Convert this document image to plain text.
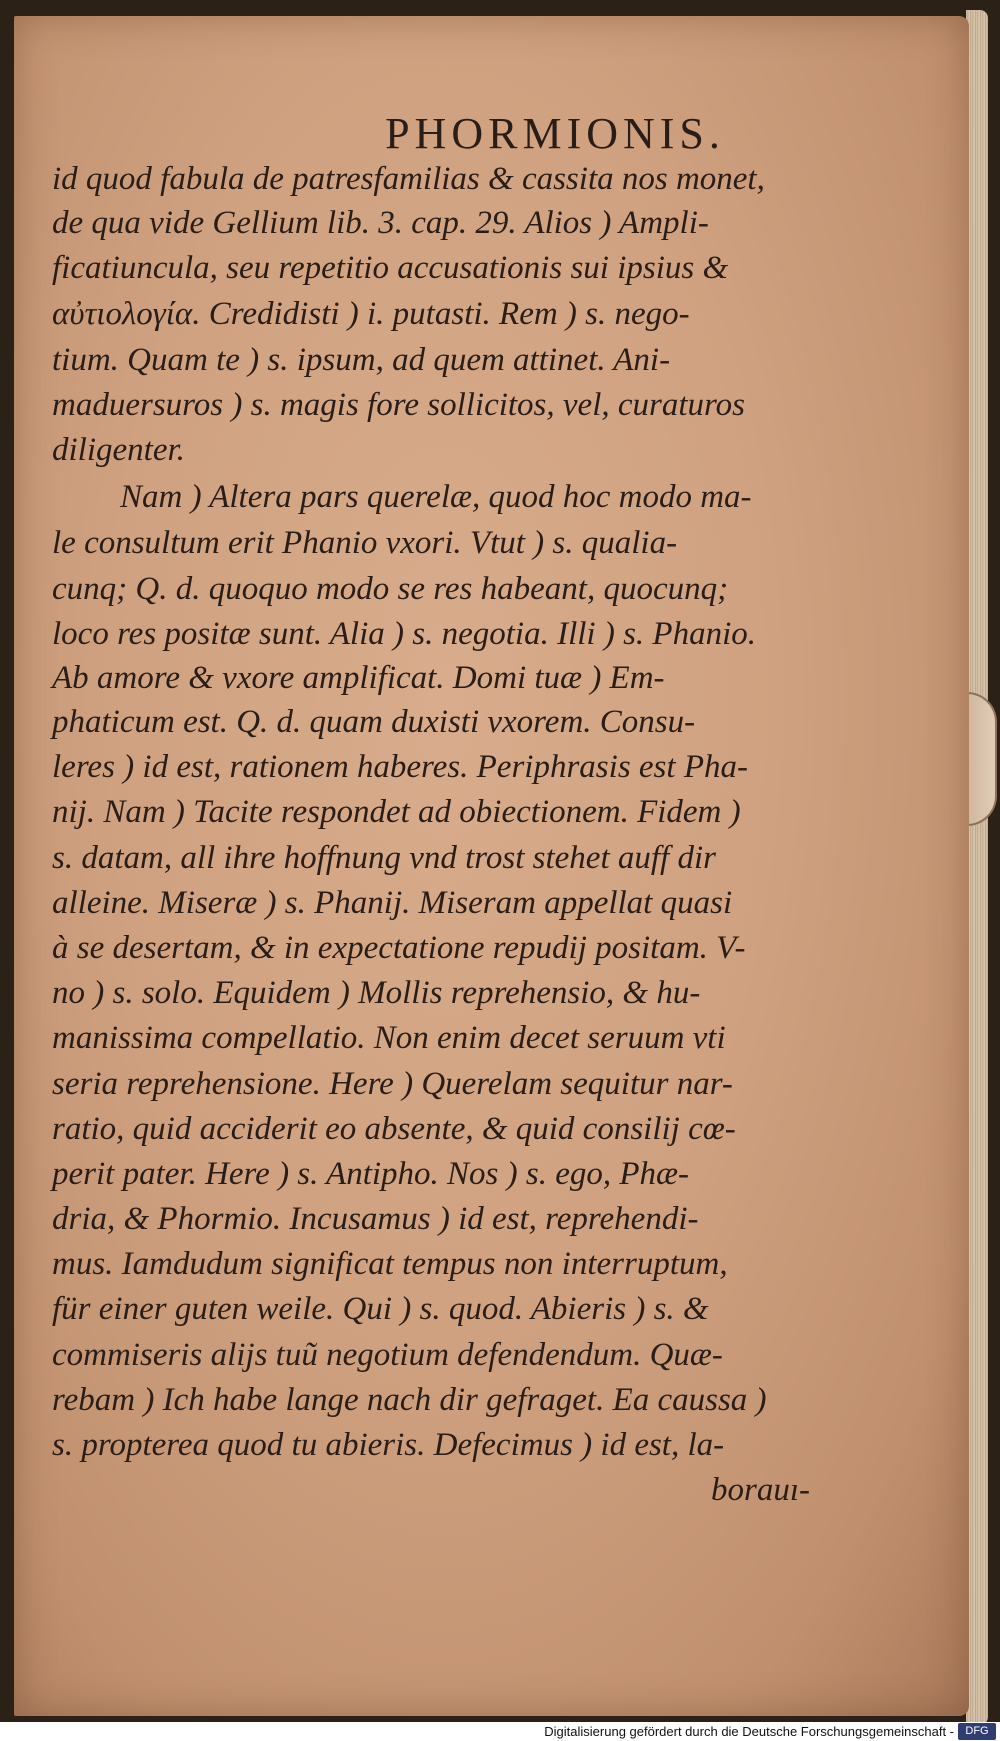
PHORMIONIS.
id quod fabula de patresfamilias & cassita nos monet,
de qua vide Gellium lib. 3. cap. 29. Alios ) Ampli-
ficatiuncula, seu repetitio accusationis sui ipsius &
αὐτιολογία. Credidisti ) i. putasti. Rem ) s. nego-
tium. Quam te ) s. ipsum, ad quem attinet. Ani-
maduersuros ) s. magis fore sollicitos, vel, curaturos
diligenter.
Nam ) Altera pars querelæ, quod hoc modo ma-
le consultum erit Phanio vxori. Vtut ) s. qualia-
cunq; Q. d. quoquo modo se res habeant, quocunq;
loco res positæ sunt. Alia ) s. negotia. Illi ) s. Phanio.
Ab amore & vxore amplificat. Domi tuæ ) Em-
phaticum est. Q. d. quam duxisti vxorem. Consu-
leres ) id est, rationem haberes. Periphrasis est Pha-
nij. Nam ) Tacite respondet ad obiectionem. Fidem )
s. datam, all ihre hoffnung vnd trost stehet auff dir
alleine. Miseræ ) s. Phanij. Miseram appellat quasi
à se desertam, & in expectatione repudij positam. V-
no ) s. solo. Equidem ) Mollis reprehensio, & hu-
manissima compellatio. Non enim decet seruum vti
seria reprehensione. Here ) Querelam sequitur nar-
ratio, quid acciderit eo absente, & quid consilij cœ-
perit pater. Here ) s. Antipho. Nos ) s. ego, Phæ-
dria, & Phormio. Incusamus ) id est, reprehendi-
mus. Iamdudum significat tempus non interruptum,
für einer guten weile. Qui ) s. quod. Abieris ) s. &
commiseris alijs tuũ negotium defendendum. Quæ-
rebam ) Ich habe lange nach dir gefraget. Ea caussa )
s. propterea quod tu abieris. Defecimus ) id est, la-
borauı-
Digitalisierung gefördert durch die Deutsche Forschungsgemeinschaft -	DFG
